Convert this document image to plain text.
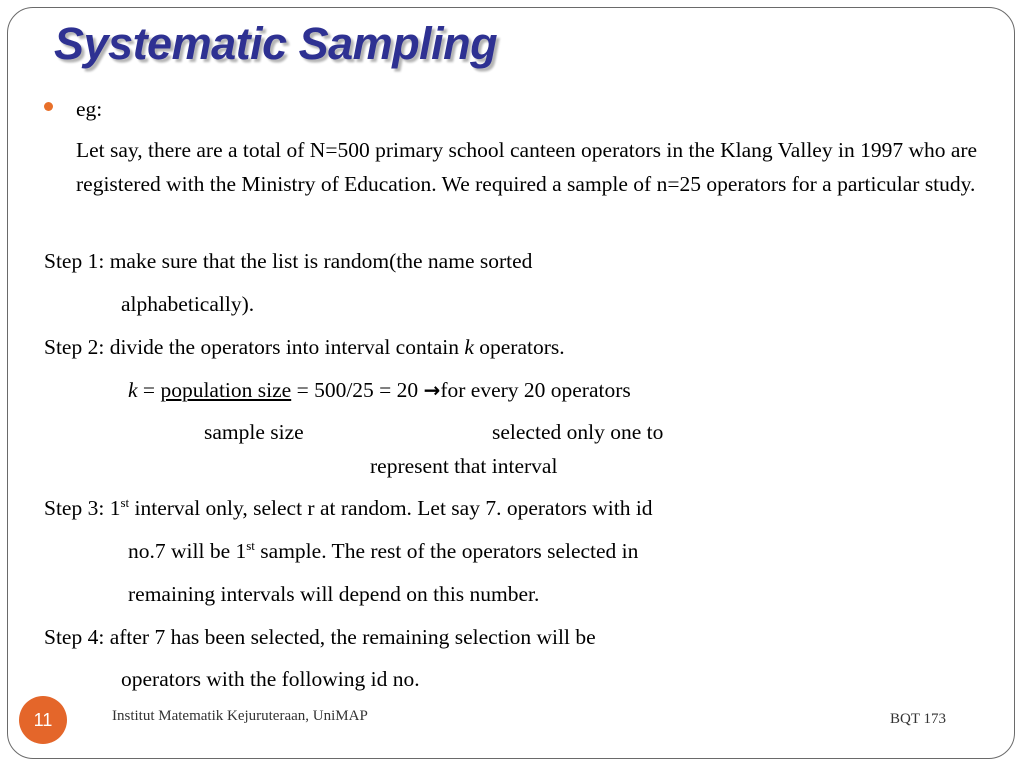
Systematic Sampling

eg:

Let say, there are a total of N=500 primary school canteen operators in the Klang Valley in 1997 who are registered with the Ministry of Education. We required a sample of n=25 operators for a particular study.

Step 1: make sure that the list is random(the name sorted

alphabetically).

Step 2: divide the operators into interval contain k operators.

k = population size = 500/25 = 20 →for every 20 operators

sample size	selected only one to

represent that interval

Step 3: 1st interval only, select r at random. Let say 7. operators with id

no.7 will be 1st sample. The rest of the operators selected in

remaining intervals will depend on this number.

Step 4: after 7 has been selected, the remaining selection will be

operators with the following id no.

11	Institut Matematik Kejuruteraan, UniMAP	BQT 173
